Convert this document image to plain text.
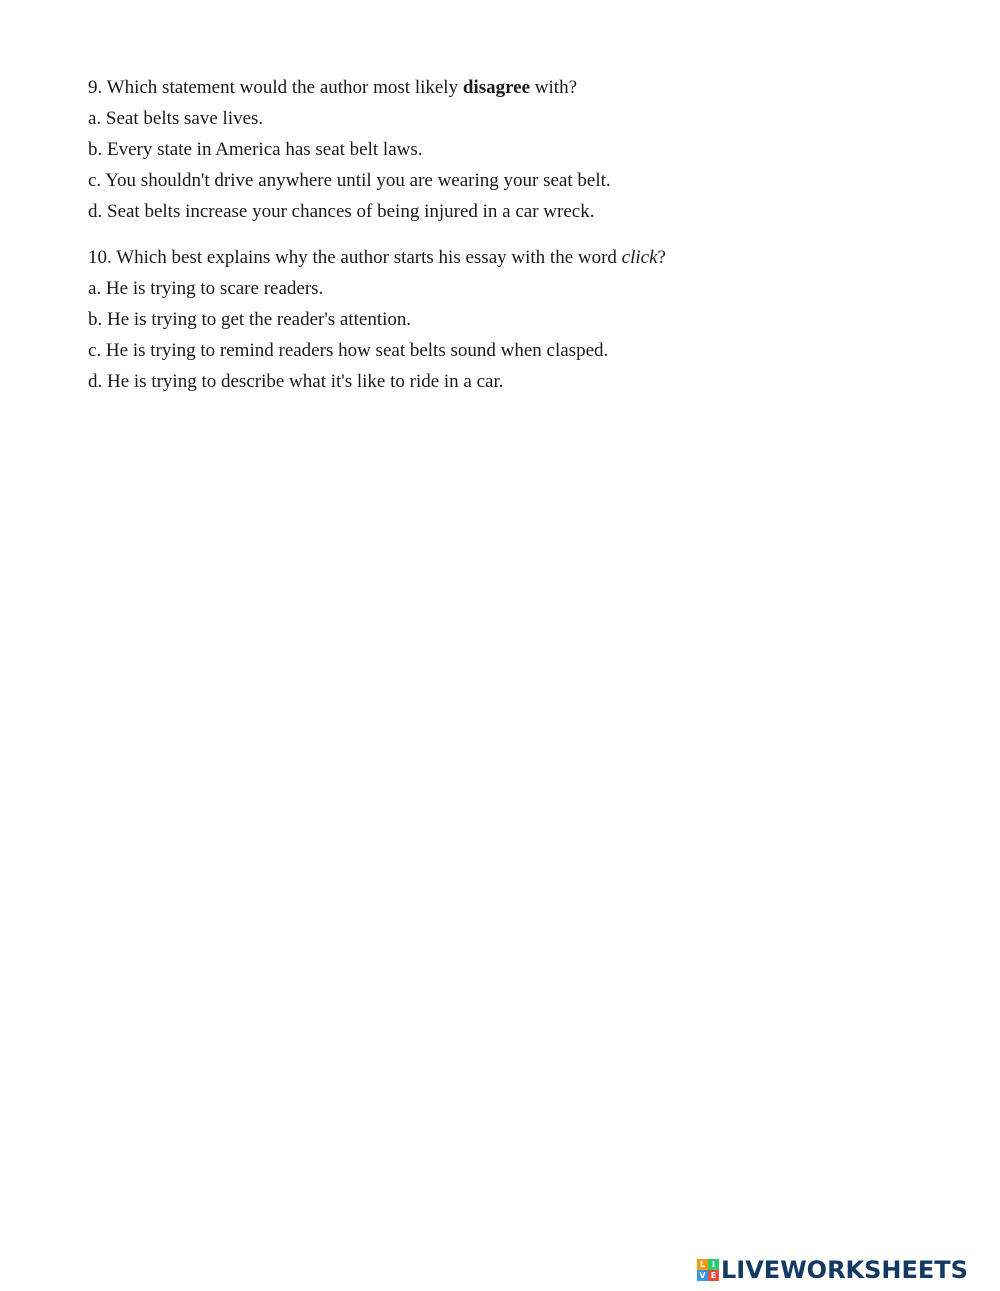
9. Which statement would the author most likely disagree with?
a. Seat belts save lives.
b. Every state in America has seat belt laws.
c. You shouldn't drive anywhere until you are wearing your seat belt.
d. Seat belts increase your chances of being injured in a car wreck.
10. Which best explains why the author starts his essay with the word click?
a. He is trying to scare readers.
b. He is trying to get the reader's attention.
c. He is trying to remind readers how seat belts sound when clasped.
d. He is trying to describe what it's like to ride in a car.
L I
V E LIVEWORKSHEETS
